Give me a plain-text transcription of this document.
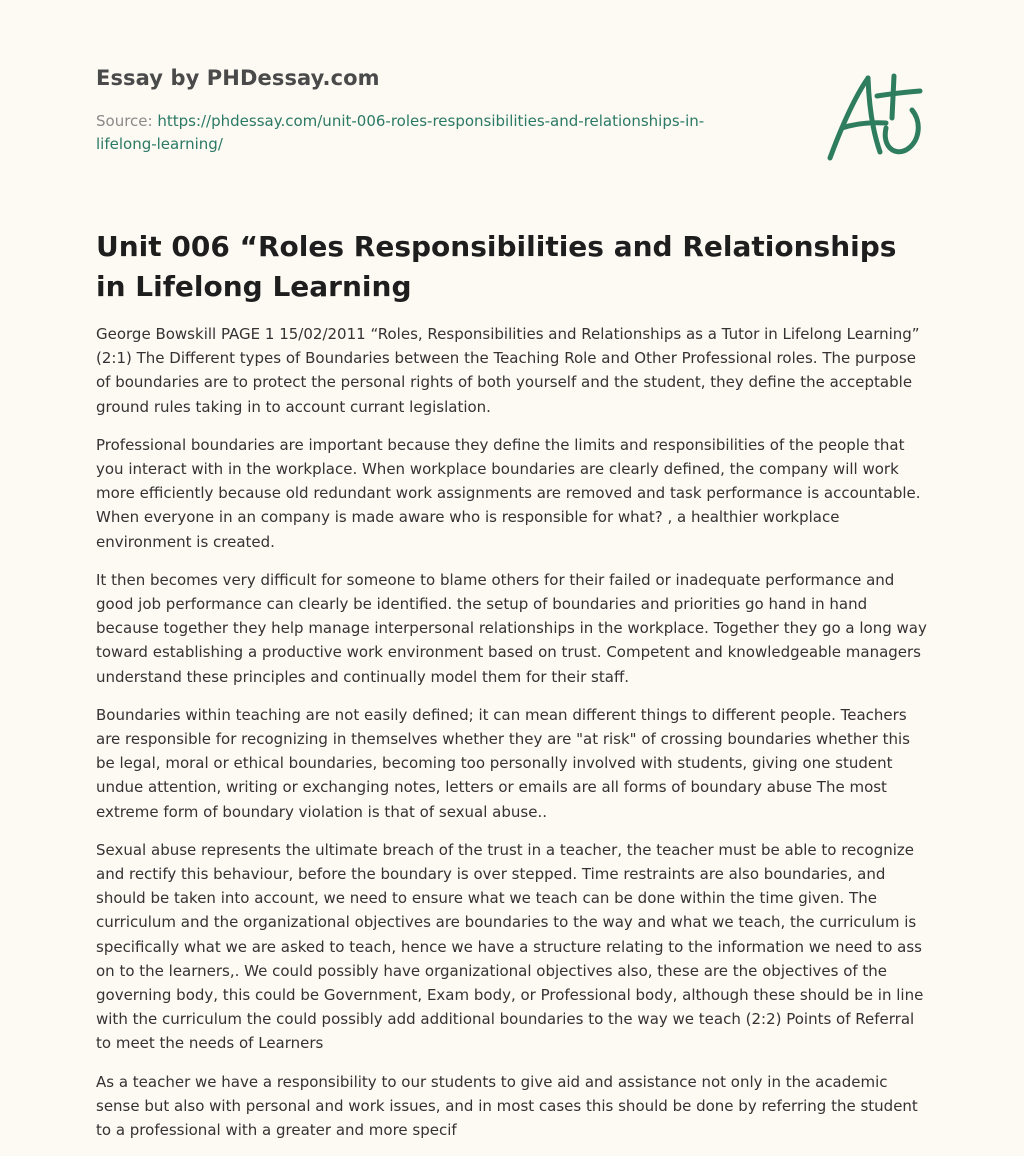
Essay by PHDessay.com
Source: https://phdessay.com/unit-006-roles-responsibilities-and-relationships-in-lifelong-learning/
Unit 006 “Roles Responsibilities and Relationships in Lifelong Learning

George Bowskill PAGE 1 15/02/2011 “Roles, Responsibilities and Relationships as a Tutor in Lifelong Learning” (2:1) The Different types of Boundaries between the Teaching Role and Other Professional roles. The purpose of boundaries are to protect the personal rights of both yourself and the student, they define the acceptable ground rules taking in to account currant legislation.

Professional boundaries are important because they define the limits and responsibilities of the people that you interact with in the workplace. When workplace boundaries are clearly defined, the company will work more efficiently because old redundant work assignments are removed and task performance is accountable. When everyone in an company is made aware who is responsible for what? , a healthier workplace environment is created.

It then becomes very difficult for someone to blame others for their failed or inadequate performance and good job performance can clearly be identified. the setup of boundaries and priorities go hand in hand because together they help manage interpersonal relationships in the workplace. Together they go a long way toward establishing a productive work environment based on trust. Competent and knowledgeable managers understand these principles and continually model them for their staff.

Boundaries within teaching are not easily defined; it can mean different things to different people. Teachers are responsible for recognizing in themselves whether they are "at risk" of crossing boundaries whether this be legal, moral or ethical boundaries, becoming too personally involved with students, giving one student undue attention, writing or exchanging notes, letters or emails are all forms of boundary abuse The most extreme form of boundary violation is that of sexual abuse..

Sexual abuse represents the ultimate breach of the trust in a teacher, the teacher must be able to recognize and rectify this behaviour, before the boundary is over stepped. Time restraints are also boundaries, and should be taken into account, we need to ensure what we teach can be done within the time given. The curriculum and the organizational objectives are boundaries to the way and what we teach, the curriculum is specifically what we are asked to teach, hence we have a structure relating to the information we need to ass on to the learners,. We could possibly have organizational objectives also, these are the objectives of the governing body, this could be Government, Exam body, or Professional body, although these should be in line with the curriculum the could possibly add additional boundaries to the way we teach (2:2) Points of Referral to meet the needs of Learners

As a teacher we have a responsibility to our students to give aid and assistance not only in the academic sense but also with personal and work issues, and in most cases this should be done by referring the student to a professional with a greater and more specif
